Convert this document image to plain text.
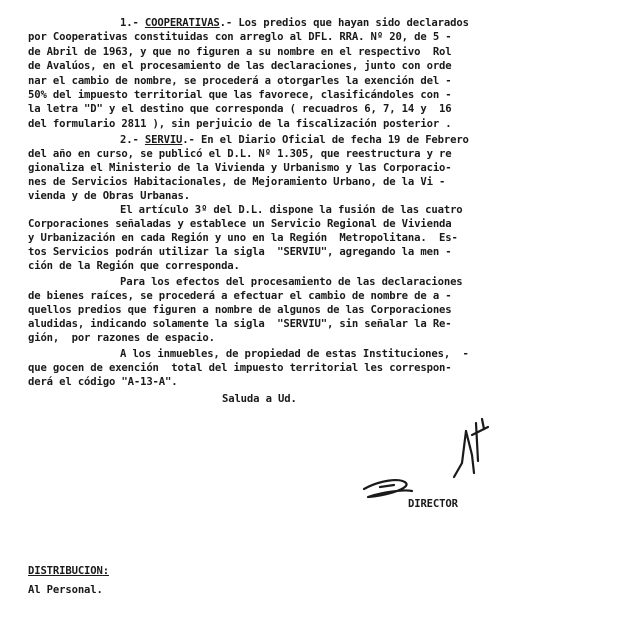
1.- COOPERATIVAS.- Los predios que hayan sido declarados
por Cooperativas constituidas con arreglo al DFL. RRA. Nº 20, de 5 -
de Abril de 1963, y que no figuren a su nombre en el respectivo  Rol
de Avalúos, en el procesamiento de las declaraciones, junto con orde
nar el cambio de nombre, se procederá a otorgarles la exención del -
50% del impuesto territorial que las favorece, clasificándoles con -
la letra "D" y el destino que corresponda ( recuadros 6, 7, 14 y  16
del formulario 2811 ), sin perjuicio de la fiscalización posterior .
2.- SERVIU.- En el Diario Oficial de fecha 19 de Febrero
del año en curso, se publicó el D.L. Nº 1.305, que reestructura y re
gionaliza el Ministerio de la Vivienda y Urbanismo y las Corporacio-
nes de Servicios Habitacionales, de Mejoramiento Urbano, de la Vi -
vienda y de Obras Urbanas.
El artículo 3º del D.L. dispone la fusión de las cuatro
Corporaciones señaladas y establece un Servicio Regional de Vivienda
y Urbanización en cada Región y uno en la Región  Metropolitana.  Es-
tos Servicios podrán utilizar la sigla  "SERVIU", agregando la men -
ción de la Región que corresponda.
Para los efectos del procesamiento de las declaraciones
de bienes raíces, se procederá a efectuar el cambio de nombre de a -
quellos predios que figuren a nombre de algunos de las Corporaciones
aludidas, indicando solamente la sigla  "SERVIU", sin señalar la Re-
gión,  por razones de espacio.
A los inmuebles, de propiedad de estas Instituciones,  -
que gocen de exención  total del impuesto territorial les correspon-
derá el código "A-13-A".
Saluda a Ud.
DIRECTOR
DISTRIBUCION:
Al Personal.
